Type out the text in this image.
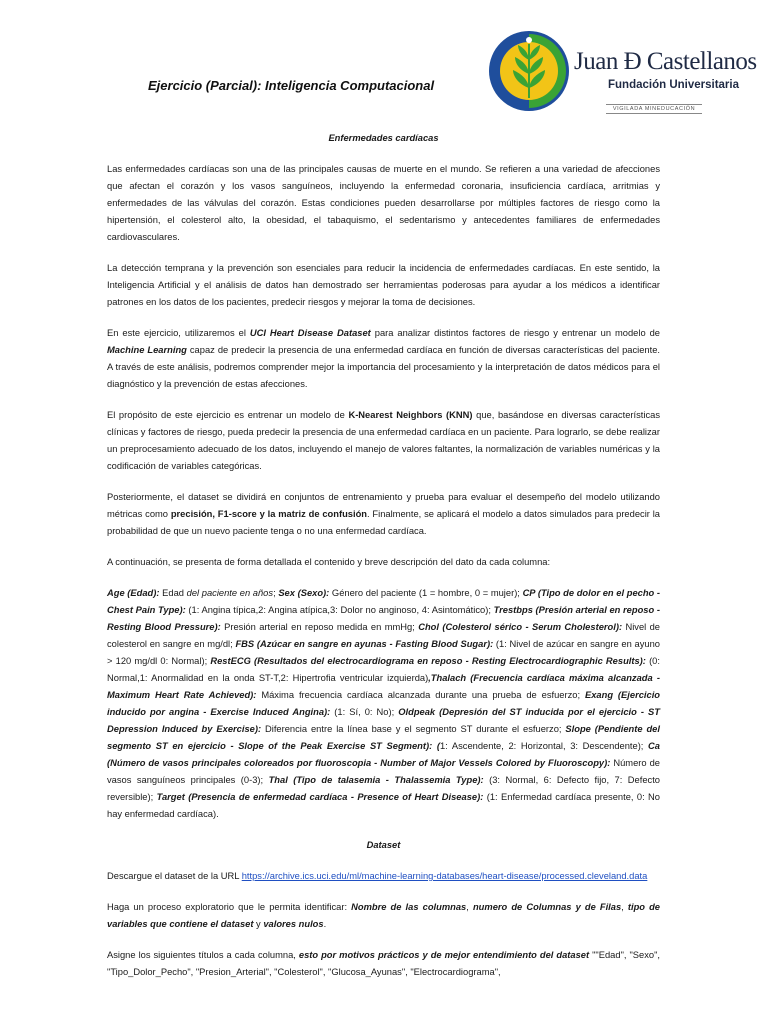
Ejercicio (Parcial): Inteligencia Computacional
Juan Đ Castellanos
Fundación Universitaria
VIGILADA MINEDUCACIÓN

Enfermedades cardíacas

Las enfermedades cardíacas son una de las principales causas de muerte en el mundo. Se refieren a una variedad de afecciones que afectan el corazón y los vasos sanguíneos, incluyendo la enfermedad coronaria, insuficiencia cardíaca, arritmias y enfermedades de las válvulas del corazón. Estas condiciones pueden desarrollarse por múltiples factores de riesgo como la hipertensión, el colesterol alto, la obesidad, el tabaquismo, el sedentarismo y antecedentes familiares de enfermedades cardiovasculares.

La detección temprana y la prevención son esenciales para reducir la incidencia de enfermedades cardíacas. En este sentido, la Inteligencia Artificial y el análisis de datos han demostrado ser herramientas poderosas para ayudar a los médicos a identificar patrones en los datos de los pacientes, predecir riesgos y mejorar la toma de decisiones.

En este ejercicio, utilizaremos el UCI Heart Disease Dataset para analizar distintos factores de riesgo y entrenar un modelo de Machine Learning capaz de predecir la presencia de una enfermedad cardíaca en función de diversas características del paciente. A través de este análisis, podremos comprender mejor la importancia del procesamiento y la interpretación de datos médicos para el diagnóstico y la prevención de estas afecciones.

El propósito de este ejercicio es entrenar un modelo de K-Nearest Neighbors (KNN) que, basándose en diversas características clínicas y factores de riesgo, pueda predecir la presencia de una enfermedad cardíaca en un paciente. Para lograrlo, se debe realizar un preprocesamiento adecuado de los datos, incluyendo el manejo de valores faltantes, la normalización de variables numéricas y la codificación de variables categóricas.

Posteriormente, el dataset se dividirá en conjuntos de entrenamiento y prueba para evaluar el desempeño del modelo utilizando métricas como precisión, F1-score y la matriz de confusión. Finalmente, se aplicará el modelo a datos simulados para predecir la probabilidad de que un nuevo paciente tenga o no una enfermedad cardíaca.

A continuación, se presenta de forma detallada el contenido y breve descripción del dato da cada columna:

Age (Edad): Edad del paciente en años; Sex (Sexo): Género del paciente (1 = hombre, 0 = mujer); CP (Tipo de dolor en el pecho - Chest Pain Type): (1: Angina típica,2: Angina atípica,3: Dolor no anginoso, 4: Asintomático); Trestbps (Presión arterial en reposo - Resting Blood Pressure): Presión arterial en reposo medida en mmHg; Chol (Colesterol sérico - Serum Cholesterol): Nivel de colesterol en sangre en mg/dl; FBS (Azúcar en sangre en ayunas - Fasting Blood Sugar): (1: Nivel de azúcar en sangre en ayuno > 120 mg/dl 0: Normal); RestECG (Resultados del electrocardiograma en reposo - Resting Electrocardiographic Results): (0: Normal,1: Anormalidad en la onda ST-T,2: Hipertrofia ventricular izquierda),Thalach (Frecuencia cardíaca máxima alcanzada - Maximum Heart Rate Achieved): Máxima frecuencia cardíaca alcanzada durante una prueba de esfuerzo; Exang (Ejercicio inducido por angina - Exercise Induced Angina): (1: Sí, 0: No); Oldpeak (Depresión del ST inducida por el ejercicio - ST Depression Induced by Exercise): Diferencia entre la línea base y el segmento ST durante el esfuerzo; Slope (Pendiente del segmento ST en ejercicio - Slope of the Peak Exercise ST Segment): (1: Ascendente, 2: Horizontal, 3: Descendente); Ca (Número de vasos principales coloreados por fluoroscopia - Number of Major Vessels Colored by Fluoroscopy): Número de vasos sanguíneos principales (0-3); Thal (Tipo de talasemia - Thalassemia Type): (3: Normal, 6: Defecto fijo, 7: Defecto reversible); Target (Presencia de enfermedad cardíaca - Presence of Heart Disease): (1: Enfermedad cardíaca presente, 0: No hay enfermedad cardíaca).

Dataset

Descargue el dataset de la URL https://archive.ics.uci.edu/ml/machine-learning-databases/heart-disease/processed.cleveland.data

Haga un proceso exploratorio que le permita identificar: Nombre de las columnas, numero de Columnas y de Filas, tipo de variables que contiene el dataset y valores nulos.

Asigne los siguientes títulos a cada columna, esto por motivos prácticos y de mejor entendimiento del dataset ""Edad", "Sexo", "Tipo_Dolor_Pecho", "Presion_Arterial", "Colesterol", "Glucosa_Ayunas", "Electrocardiograma",
